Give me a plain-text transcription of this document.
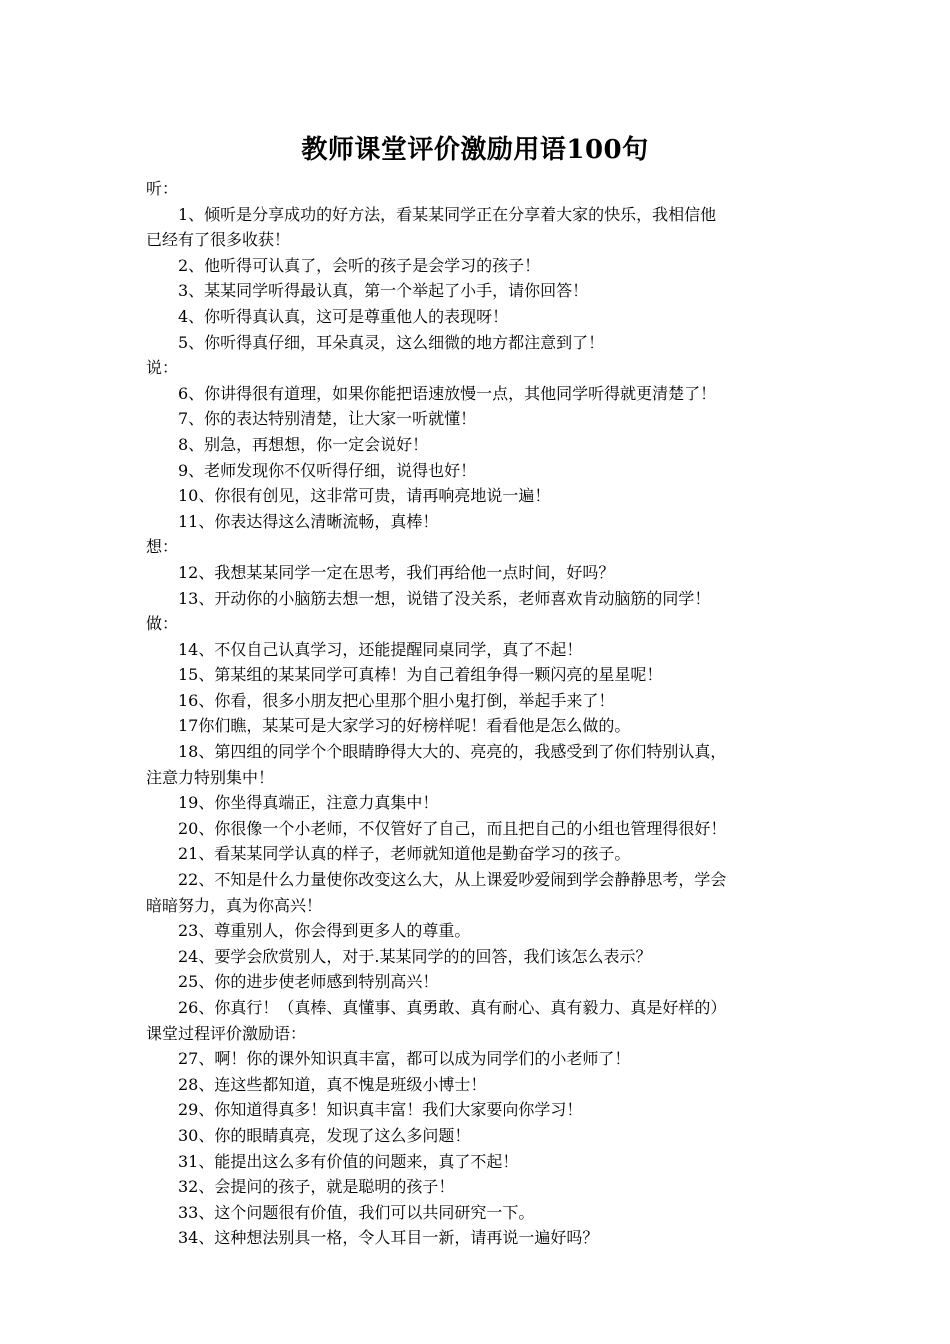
教师课堂评价激励用语100句
听：
1、倾听是分享成功的好方法，看某某同学正在分享着大家的快乐，我相信他
已经有了很多收获！
2、他听得可认真了，会听的孩子是会学习的孩子！
3、某某同学听得最认真，第一个举起了小手，请你回答！
4、你听得真认真，这可是尊重他人的表现呀！
5、你听得真仔细，耳朵真灵，这么细微的地方都注意到了！
说：
6、你讲得很有道理，如果你能把语速放慢一点，其他同学听得就更清楚了！
7、你的表达特别清楚，让大家一听就懂！
8、别急，再想想，你一定会说好！
9、老师发现你不仅听得仔细，说得也好！
10、你很有创见，这非常可贵，请再响亮地说一遍！
11、你表达得这么清晰流畅，真棒！
想：
12、我想某某同学一定在思考，我们再给他一点时间，好吗？
13、开动你的小脑筋去想一想，说错了没关系，老师喜欢肯动脑筋的同学！
做：
14、不仅自己认真学习，还能提醒同桌同学，真了不起！
15、第某组的某某同学可真棒！为自己着组争得一颗闪亮的星星呢！
16、你看，很多小朋友把心里那个胆小鬼打倒，举起手来了！
17你们瞧，某某可是大家学习的好榜样呢！看看他是怎么做的。
18、第四组的同学个个眼睛睁得大大的、亮亮的，我感受到了你们特别认真，
注意力特别集中！
19、你坐得真端正，注意力真集中！
20、你很像一个小老师，不仅管好了自己，而且把自己的小组也管理得很好！
21、看某某同学认真的样子，老师就知道他是勤奋学习的孩子。
22、不知是什么力量使你改变这么大，从上课爱吵爱闹到学会静静思考，学会
暗暗努力，真为你高兴！
23、尊重别人，你会得到更多人的尊重。
24、要学会欣赏别人，对于.某某同学的的回答，我们该怎么表示？
25、你的进步使老师感到特别高兴！
26、你真行！（真棒、真懂事、真勇敢、真有耐心、真有毅力、真是好样的）
课堂过程评价激励语：
27、啊！你的课外知识真丰富，都可以成为同学们的小老师了！
28、连这些都知道，真不愧是班级小博士！
29、你知道得真多！知识真丰富！我们大家要向你学习！
30、你的眼睛真亮，发现了这么多问题！
31、能提出这么多有价值的问题来，真了不起！
32、会提问的孩子，就是聪明的孩子！
33、这个问题很有价值，我们可以共同研究一下。
34、这种想法别具一格，令人耳目一新，请再说一遍好吗？
